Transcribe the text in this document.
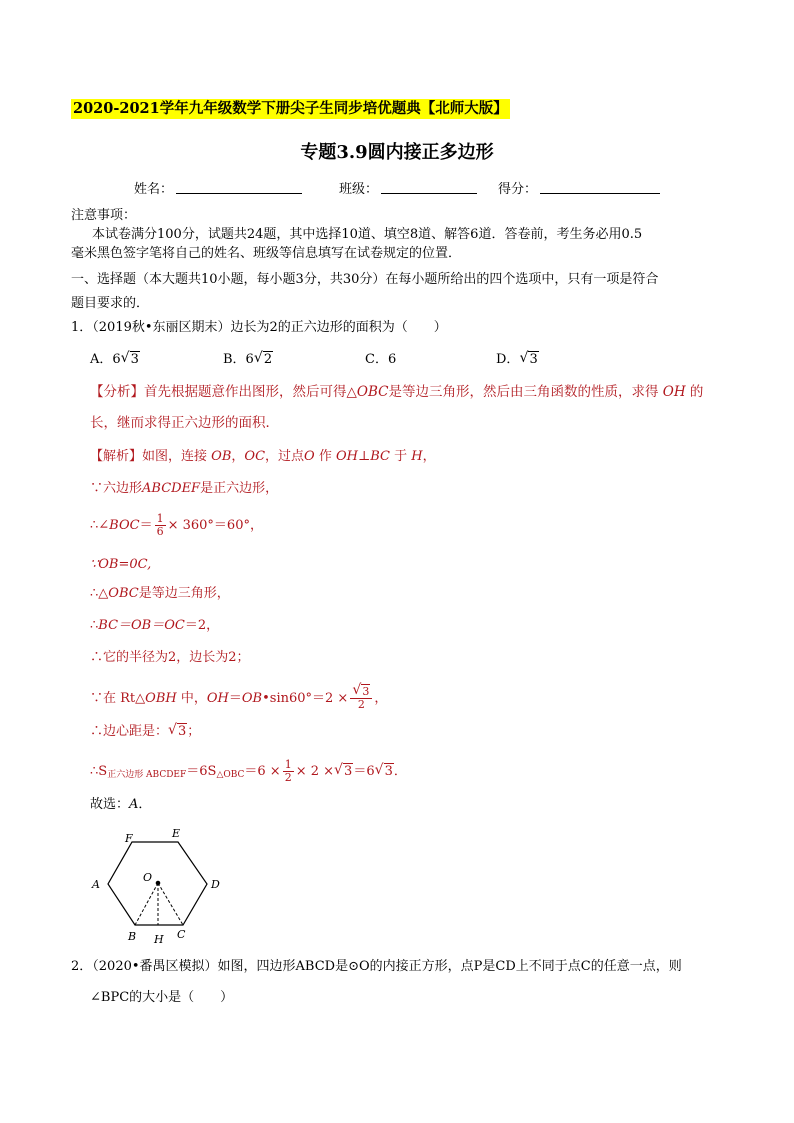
2020-2021学年九年级数学下册尖子生同步培优题典【北师大版】
专题3.9圆内接正多边形
姓名：	班级：	得分：
注意事项：
本试卷满分100分，试题共24题，其中选择10道、填空8道、解答6道．答卷前，考生务必用0.5
毫米黑色签字笔将自己的姓名、班级等信息填写在试卷规定的位置．
一、选择题（本大题共10小题，每小题3分，共30分）在每小题所给出的四个选项中，只有一项是符合
题目要求的．
1．（2019秋•东丽区期末）边长为2的正六边形的面积为（　　）
A．6 √ 3	B．6 √ 2	C．6	D． √ 3
【分析】首先根据题意作出图形，然后可得△OBC是等边三角形，然后由三角函数的性质，求得 OH 的
长，继而求得正六边形的面积．
【解析】如图，连接 OB，OC，过点O 作 OH⊥BC 于 H，
∵六边形ABCDEF是正六边形，
∴∠BOC＝ $\frac{1}{6} \times 360^\circ=60^\circ$，
∵OB=0C,
∴△OBC是等边三角形，
∴BC＝OB＝OC＝2，
∴它的半径为2，边长为2；
∵在 Rt△OBH 中，OH＝OB•sin60°＝2 × √ $\frac{3}{2}$ ，
∴边心距是： √ 3；
$\therefore S_{正六边形 ABCDEF}=6S_{\triangle OBC}=6 \times \frac{1}{2} \times 2$ × √ 3＝6 √ 3．
故选：A．
F	E
A	D
O
B	C
H
2．（2020•番禺区模拟）如图，四边形ABCD是⊙O的内接正方形，点P是CD上不同于点C的任意一点，则
∠BPC的大小是（　　）
